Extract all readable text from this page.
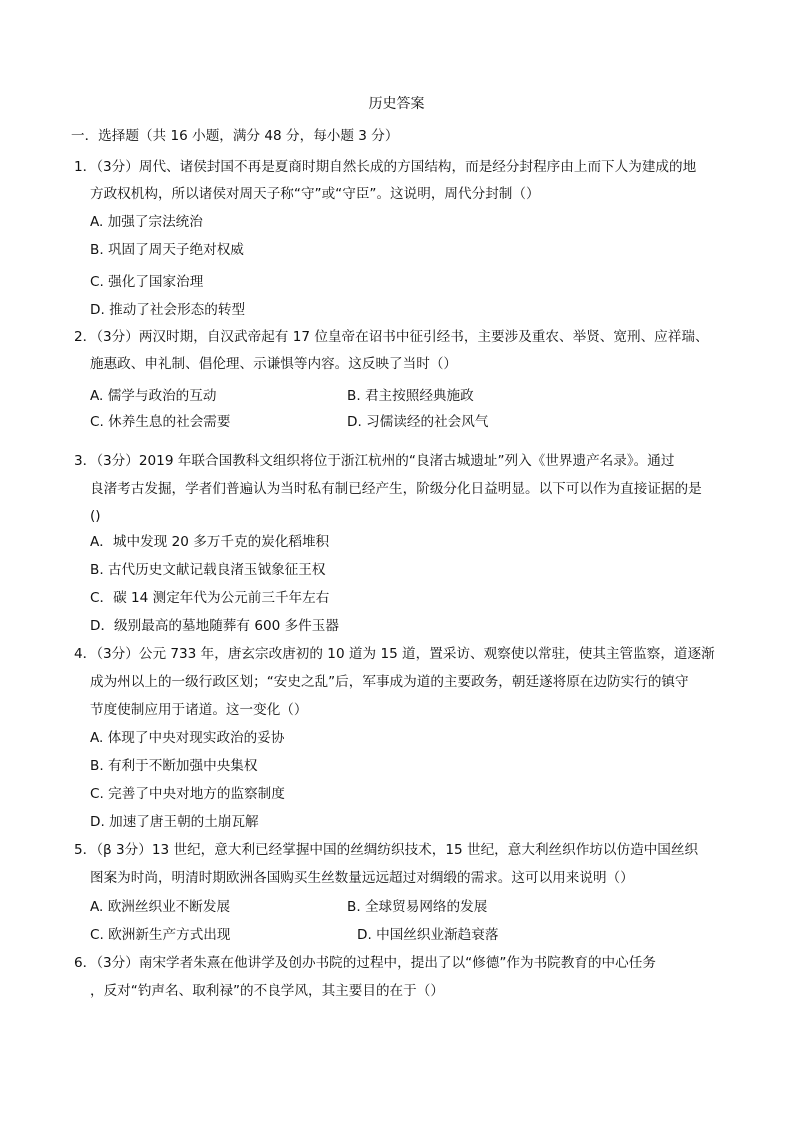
历史答案
一．选择题（共 16 小题，满分 48 分，每小题 3 分）
1．（3分）周代、诸侯封国不再是夏商时期自然长成的方国结构，而是经分封程序由上而下人为建成的地
方政权机构，所以诸侯对周天子称“守”或“守臣”。这说明，周代分封制（）
A. 加强了宗法统治
B. 巩固了周天子绝对权威
C. 强化了国家治理
D. 推动了社会形态的转型
2．（3分）两汉时期，自汉武帝起有 17 位皇帝在诏书中征引经书，主要涉及重农、举贤、宽刑、应祥瑞、
施惠政、申礼制、倡伦理、示谦惧等内容。这反映了当时（）
A. 儒学与政治的互动	B. 君主按照经典施政
C. 休养生息的社会需要	D. 习儒读经的社会风气
3．（3分）2019 年联合国教科文组织将位于浙江杭州的“良渚古城遗址”列入《世界遗产名录》。通过
良渚考古发掘，学者们普遍认为当时私有制已经产生，阶级分化日益明显。以下可以作为直接证据的是
()
A．城中发现 20 多万千克的炭化稻堆积
B. 古代历史文献记载良渚玉钺象征王权
C．碳 14 测定年代为公元前三千年左右
D．级别最高的墓地随葬有 600 多件玉器
4．（3分）公元 733 年，唐玄宗改唐初的 10 道为 15 道，置采访、观察使以常驻，使其主管监察，道逐渐
成为州以上的一级行政区划；“安史之乱”后，军事成为道的主要政务，朝廷遂将原在边防实行的镇守
节度使制应用于诸道。这一变化（）
A. 体现了中央对现实政治的妥协
B. 有利于不断加强中央集权
C. 完善了中央对地方的监察制度
D. 加速了唐王朝的土崩瓦解
5．（β 3分）13 世纪，意大利已经掌握中国的丝绸纺织技术，15 世纪，意大利丝织作坊以仿造中国丝织
图案为时尚，明清时期欧洲各国购买生丝数量远远超过对绸缎的需求。这可以用来说明（）
A. 欧洲丝织业不断发展	B. 全球贸易网络的发展
C. 欧洲新生产方式出现	D. 中国丝织业渐趋衰落
6．（3分）南宋学者朱熹在他讲学及创办书院的过程中，提出了以“修德”作为书院教育的中心任务
，反对“钓声名、取利禄”的不良学风，其主要目的在于（）
